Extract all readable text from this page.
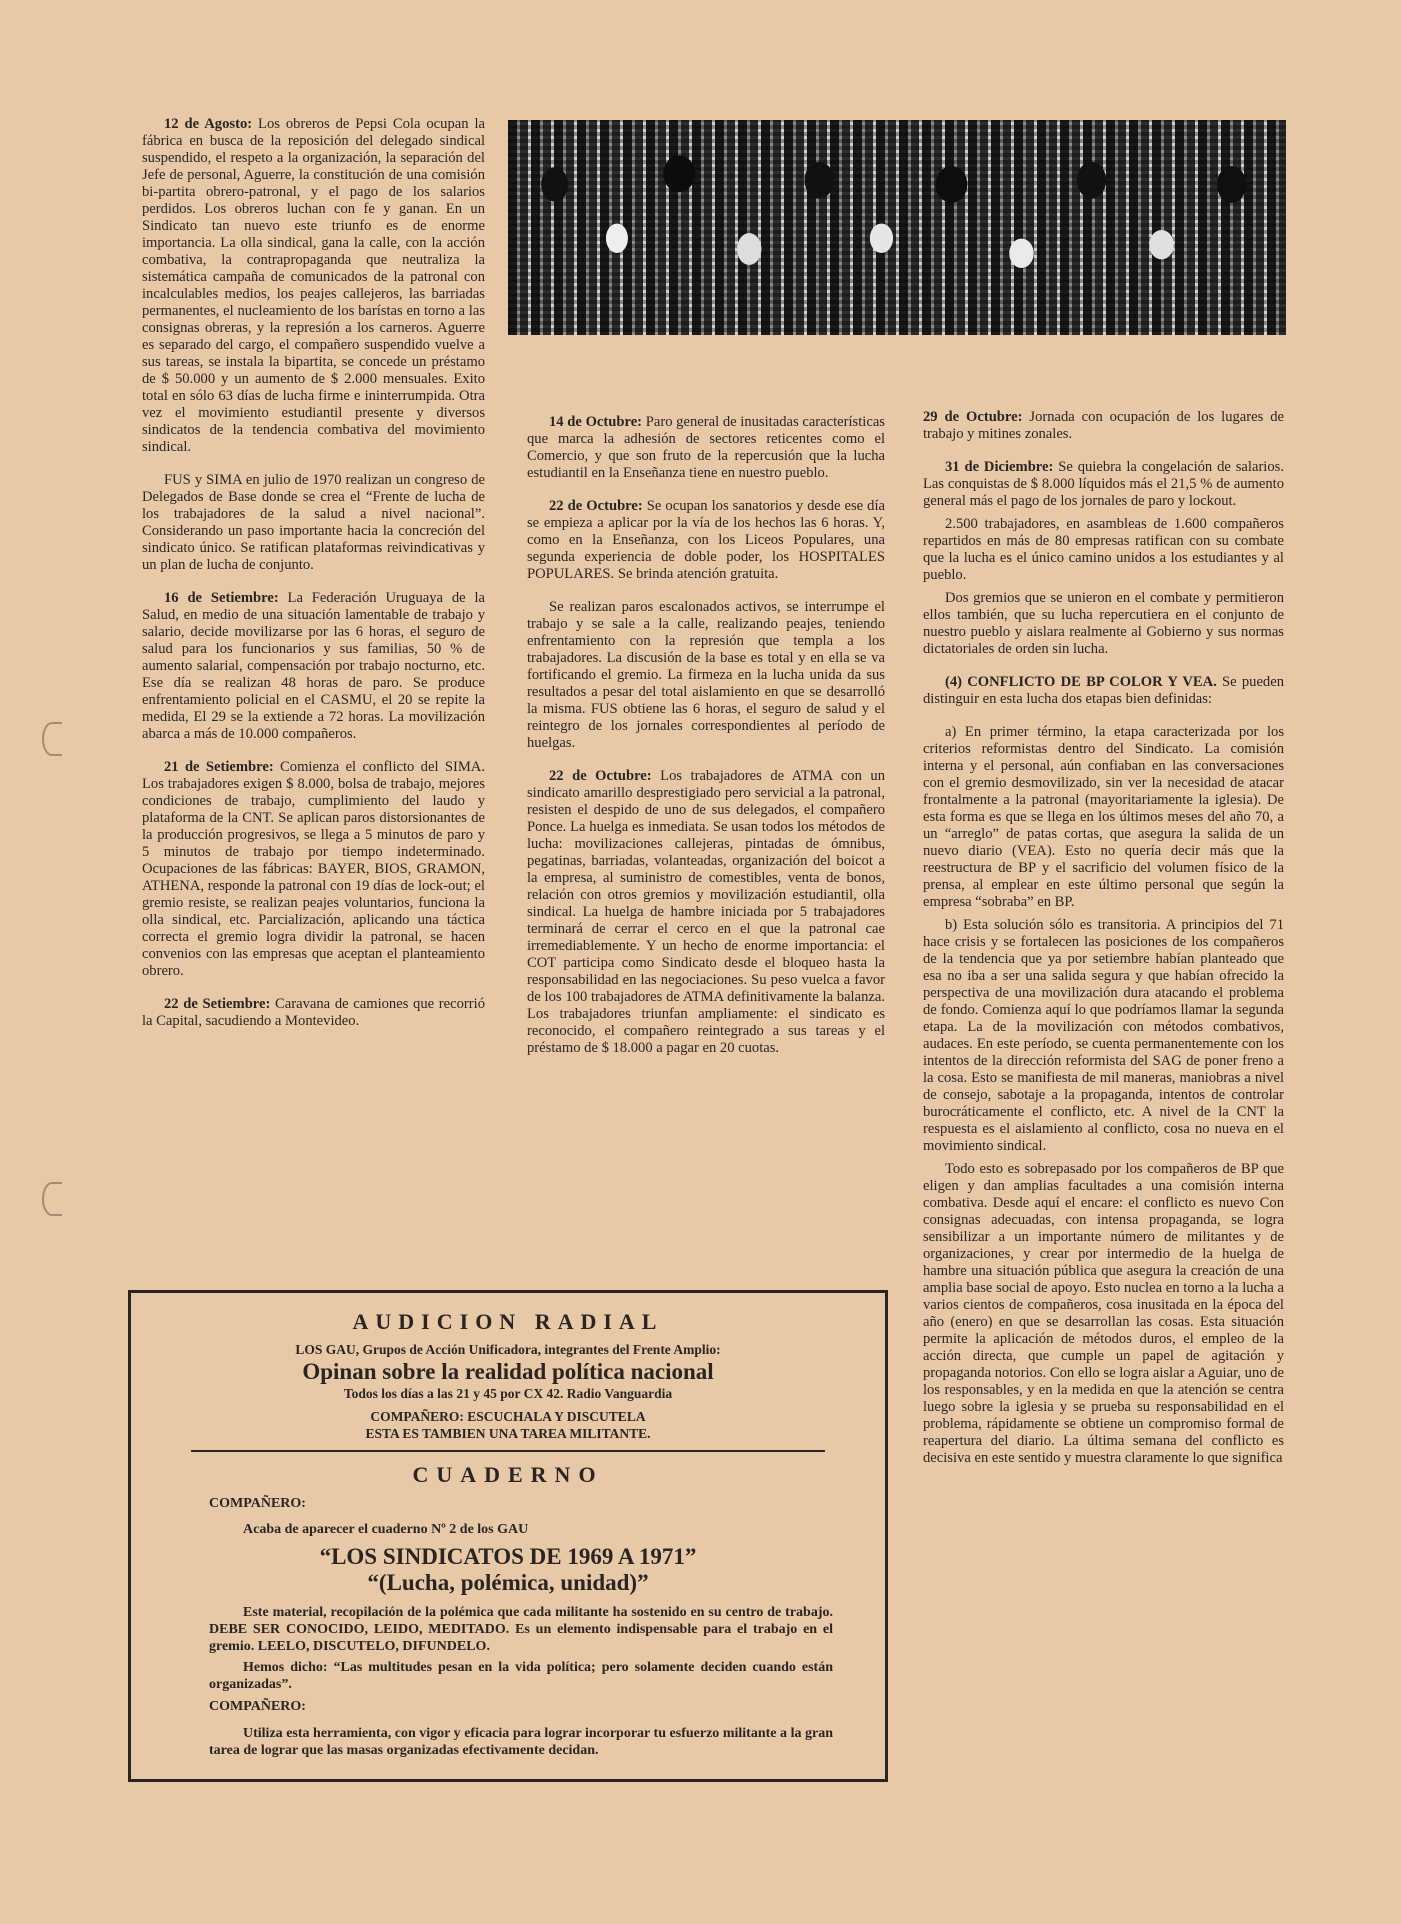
12 de Agosto: Los obreros de Pepsi Cola ocupan la fábrica en busca de la reposición del delegado sindical suspendido, el respeto a la organización, la separación del Jefe de personal, Aguerre, la constitución de una comisión bi-partita obrero-patronal, y el pago de los salarios perdidos. Los obreros luchan con fe y ganan. En un Sindicato tan nuevo este triunfo es de enorme importancia. La olla sindical, gana la calle, con la acción combativa, la contrapropaganda que neutraliza la sistemática campaña de comunicados de la patronal con incalculables medios, los peajes callejeros, las barriadas permanentes, el nucleamiento de los barístas en torno a las consignas obreras, y la represión a los carneros. Aguerre es separado del cargo, el compañero suspendido vuelve a sus tareas, se instala la bipartita, se concede un préstamo de $ 50.000 y un aumento de $ 2.000 mensuales. Exito total en sólo 63 días de lucha firme e ininterrumpida. Otra vez el movimiento estudiantil presente y diversos sindicatos de la tendencia combativa del movimiento sindical.

FUS y SIMA en julio de 1970 realizan un congreso de Delegados de Base donde se crea el “Frente de lucha de los trabajadores de la salud a nivel nacional”. Considerando un paso importante hacia la concreción del sindicato único. Se ratifican plataformas reivindicativas y un plan de lucha de conjunto.

16 de Setiembre: La Federación Uruguaya de la Salud, en medio de una situación lamentable de trabajo y salario, decide movilizarse por las 6 horas, el seguro de salud para los funcionarios y sus familias, 50 % de aumento salarial, compensación por trabajo nocturno, etc. Ese día se realizan 48 horas de paro. Se produce enfrentamiento policial en el CASMU, el 20 se repite la medida, El 29 se la extiende a 72 horas. La movilización abarca a más de 10.000 compañeros.

21 de Setiembre: Comienza el conflicto del SIMA. Los trabajadores exigen $ 8.000, bolsa de trabajo, mejores condiciones de trabajo, cumplimiento del laudo y plataforma de la CNT. Se aplican paros distorsionantes de la producción progresivos, se llega a 5 minutos de paro y 5 minutos de trabajo por tiempo indeterminado. Ocupaciones de las fábricas: BAYER, BIOS, GRAMON, ATHENA, responde la patronal con 19 días de lock-out; el gremio resiste, se realizan peajes voluntarios, funciona la olla sindical, etc. Parcialización, aplicando una táctica correcta el gremio logra dividir la patronal, se hacen convenios con las empresas que aceptan el planteamiento obrero.

22 de Setiembre: Caravana de camiones que recorrió la Capital, sacudiendo a Montevideo.

14 de Octubre: Paro general de inusitadas características que marca la adhesión de sectores reticentes como el Comercio, y que son fruto de la repercusión que la lucha estudiantil en la Enseñanza tiene en nuestro pueblo.

22 de Octubre: Se ocupan los sanatorios y desde ese día se empieza a aplicar por la vía de los hechos las 6 horas. Y, como en la Enseñanza, con los Liceos Populares, una segunda experiencia de doble poder, los HOSPITALES POPULARES. Se brinda atención gratuita.

Se realizan paros escalonados activos, se interrumpe el trabajo y se sale a la calle, realizando peajes, teniendo enfrentamiento con la represión que templa a los trabajadores. La discusión de la base es total y en ella se va fortificando el gremio. La firmeza en la lucha unida da sus resultados a pesar del total aislamiento en que se desarrolló la misma. FUS obtiene las 6 horas, el seguro de salud y el reintegro de los jornales correspondientes al período de huelgas.

22 de Octubre: Los trabajadores de ATMA con un sindicato amarillo desprestigiado pero servicial a la patronal, resisten el despido de uno de sus delegados, el compañero Ponce. La huelga es inmediata. Se usan todos los métodos de lucha: movilizaciones callejeras, pintadas de ómnibus, pegatinas, barriadas, volanteadas, organización del boicot a la empresa, al suministro de comestibles, venta de bonos, relación con otros gremios y movilización estudiantil, olla sindical. La huelga de hambre iniciada por 5 trabajadores terminará de cerrar el cerco en el que la patronal cae irremediablemente. Y un hecho de enorme importancia: el COT participa como Sindicato desde el bloqueo hasta la responsabilidad en las negociaciones. Su peso vuelca a favor de los 100 trabajadores de ATMA definitivamente la balanza. Los trabajadores triunfan ampliamente: el sindicato es reconocido, el compañero reintegrado a sus tareas y el préstamo de $ 18.000 a pagar en 20 cuotas.

29 de Octubre: Jornada con ocupación de los lugares de trabajo y mitines zonales.

31 de Diciembre: Se quiebra la congelación de salarios. Las conquistas de $ 8.000 líquidos más el 21,5 % de aumento general más el pago de los jornales de paro y lockout.

2.500 trabajadores, en asambleas de 1.600 compañeros repartidos en más de 80 empresas ratifican con su combate que la lucha es el único camino unidos a los estudiantes y al pueblo.

Dos gremios que se unieron en el combate y permitieron ellos también, que su lucha repercutiera en el conjunto de nuestro pueblo y aislara realmente al Gobierno y sus normas dictatoriales de orden sin lucha.

(4) CONFLICTO DE BP COLOR Y VEA. Se pueden distinguir en esta lucha dos etapas bien definidas:

a) En primer término, la etapa caracterizada por los criterios reformistas dentro del Sindicato. La comisión interna y el personal, aún confiaban en las conversaciones con el gremio desmovilizado, sin ver la necesidad de atacar frontalmente a la patronal (mayoritariamente la iglesia). De esta forma es que se llega en los últimos meses del año 70, a un “arreglo” de patas cortas, que asegura la salida de un nuevo diario (VEA). Esto no quería decir más que la reestructura de BP y el sacrificio del volumen físico de la prensa, al emplear en este último personal que según la empresa “sobraba” en BP.

b) Esta solución sólo es transitoria. A principios del 71 hace crisis y se fortalecen las posiciones de los compañeros de la tendencia que ya por setiembre habían planteado que esa no iba a ser una salida segura y que habían ofrecido la perspectiva de una movilización dura atacando el problema de fondo. Comienza aquí lo que podríamos llamar la segunda etapa. La de la movilización con métodos combativos, audaces. En este período, se cuenta permanentemente con los intentos de la dirección reformista del SAG de poner freno a la cosa. Esto se manifiesta de mil maneras, maniobras a nivel de consejo, sabotaje a la propaganda, intentos de controlar burocráticamente el conflicto, etc. A nivel de la CNT la respuesta es el aislamiento al conflicto, cosa no nueva en el movimiento sindical.

Todo esto es sobrepasado por los compañeros de BP que eligen y dan amplias facultades a una comisión interna combativa. Desde aquí el encare: el conflicto es nuevo Con consignas adecuadas, con intensa propaganda, se logra sensibilizar a un importante número de militantes y de organizaciones, y crear por intermedio de la huelga de hambre una situación pública que asegura la creación de una amplia base social de apoyo. Esto nuclea en torno a la lucha a varios cientos de compañeros, cosa inusitada en la época del año (enero) en que se desarrollan las cosas. Esta situación permite la aplicación de métodos duros, el empleo de la acción directa, que cumple un papel de agitación y propaganda notorios. Con ello se logra aislar a Aguiar, uno de los responsables, y en la medida en que la atención se centra luego sobre la iglesia y se prueba su responsabilidad en el problema, rápidamente se obtiene un compromiso formal de reapertura del diario. La última semana del conflicto es decisiva en este sentido y muestra claramente lo que significa

AUDICION RADIAL
LOS GAU, Grupos de Acción Unificadora, integrantes del Frente Amplio:
Opinan sobre la realidad política nacional
Todos los días a las 21 y 45 por CX 42. Radio Vanguardia
COMPAÑERO: ESCUCHALA Y DISCUTELA
ESTA ES TAMBIEN UNA TAREA MILITANTE.
CUADERNO
COMPAÑERO:
Acaba de aparecer el cuaderno Nº 2 de los GAU
“LOS SINDICATOS DE 1969 A 1971”
“(Lucha, polémica, unidad)”
Este material, recopilación de la polémica que cada militante ha sostenido en su centro de trabajo. DEBE SER CONOCIDO, LEIDO, MEDITADO. Es un elemento indispensable para el trabajo en el gremio. LEELO, DISCUTELO, DIFUNDELO.
Hemos dicho: “Las multitudes pesan en la vida política; pero solamente deciden cuando están organizadas”.
COMPAÑERO:
Utiliza esta herramienta, con vigor y eficacia para lograr incorporar tu esfuerzo militante a la gran tarea de lograr que las masas organizadas efectivamente decidan.
